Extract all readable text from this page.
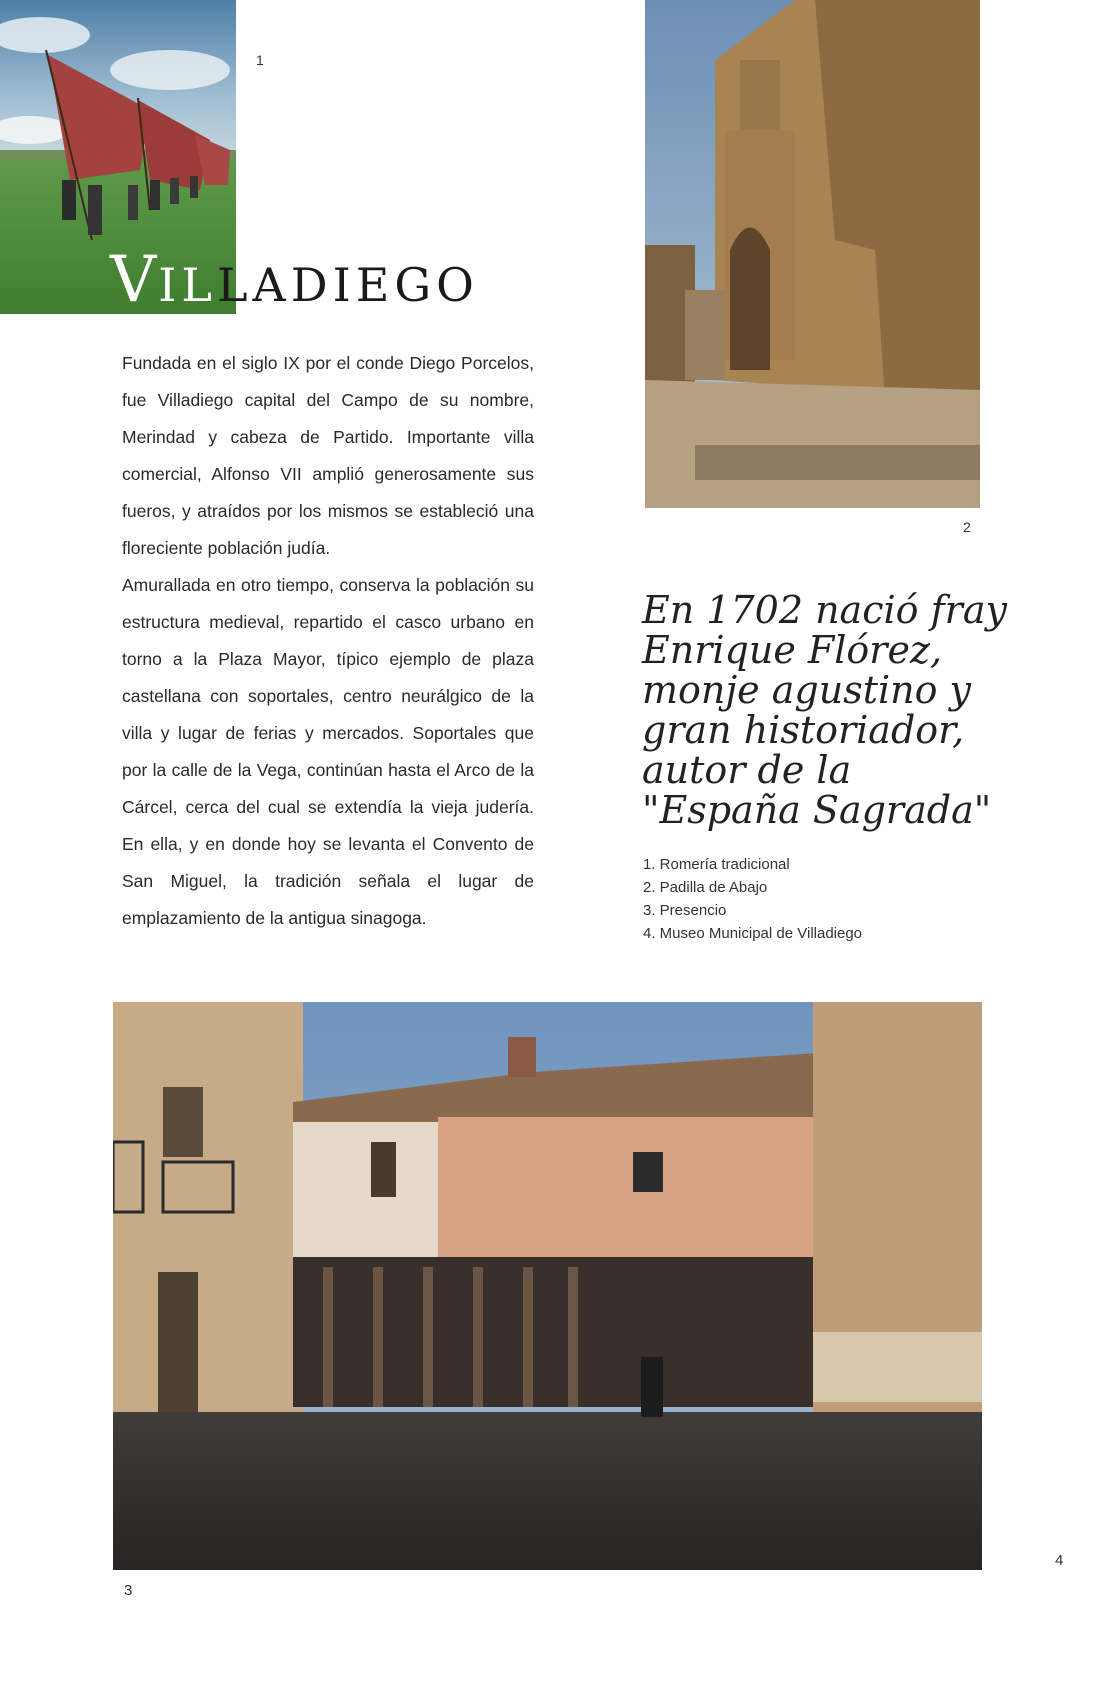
1
VILLADIEGO
2

Fundada en el siglo IX por el conde Diego Porcelos, fue Villadiego capital del Campo de su nombre, Merindad y cabeza de Partido. Importante villa comercial, Alfonso VII amplió generosamente sus fueros, y atraídos por los mismos se estableció una floreciente población judía.

Amurallada en otro tiempo, conserva la población su estructura medieval, repartido el casco urbano en torno a la Plaza Mayor, típico ejemplo de plaza castellana con soportales, centro neurálgico de la villa y lugar de ferias y mercados. Soportales que por la calle de la Vega, continúan hasta el Arco de la Cárcel, cerca del cual se extendía la vieja judería. En ella, y en donde hoy se levanta el Convento de San Miguel, la tradición señala el lugar de emplazamiento de la antigua sinagoga.

En 1702 nació fray Enrique Flórez, monje agustino y gran historiador, autor de la "España Sagrada"
1. Romería tradicional
2. Padilla de Abajo
3. Presencio
4. Museo Municipal de Villadiego
3
4
